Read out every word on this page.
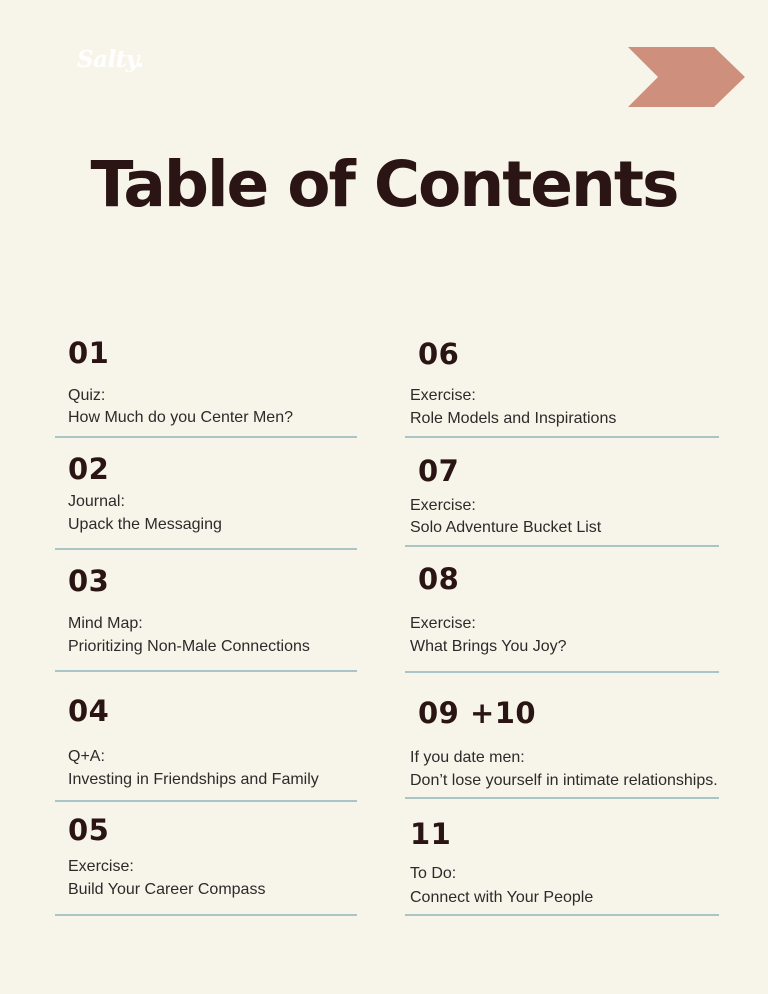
Salty.
Table of Contents
01
Quiz:
How Much do you Center Men?
02
Journal:
Upack the Messaging
03
Mind Map:
Prioritizing Non-Male Connections
04
Q+A:
Investing in Friendships and Family
05
Exercise:
Build Your Career Compass
06
Exercise:
Role Models and Inspirations
07
Exercise:
Solo Adventure Bucket List
08
Exercise:
What Brings You Joy?
09 +10
If you date men:
Don’t lose yourself in intimate relationships.
11
To Do:
Connect with Your People
